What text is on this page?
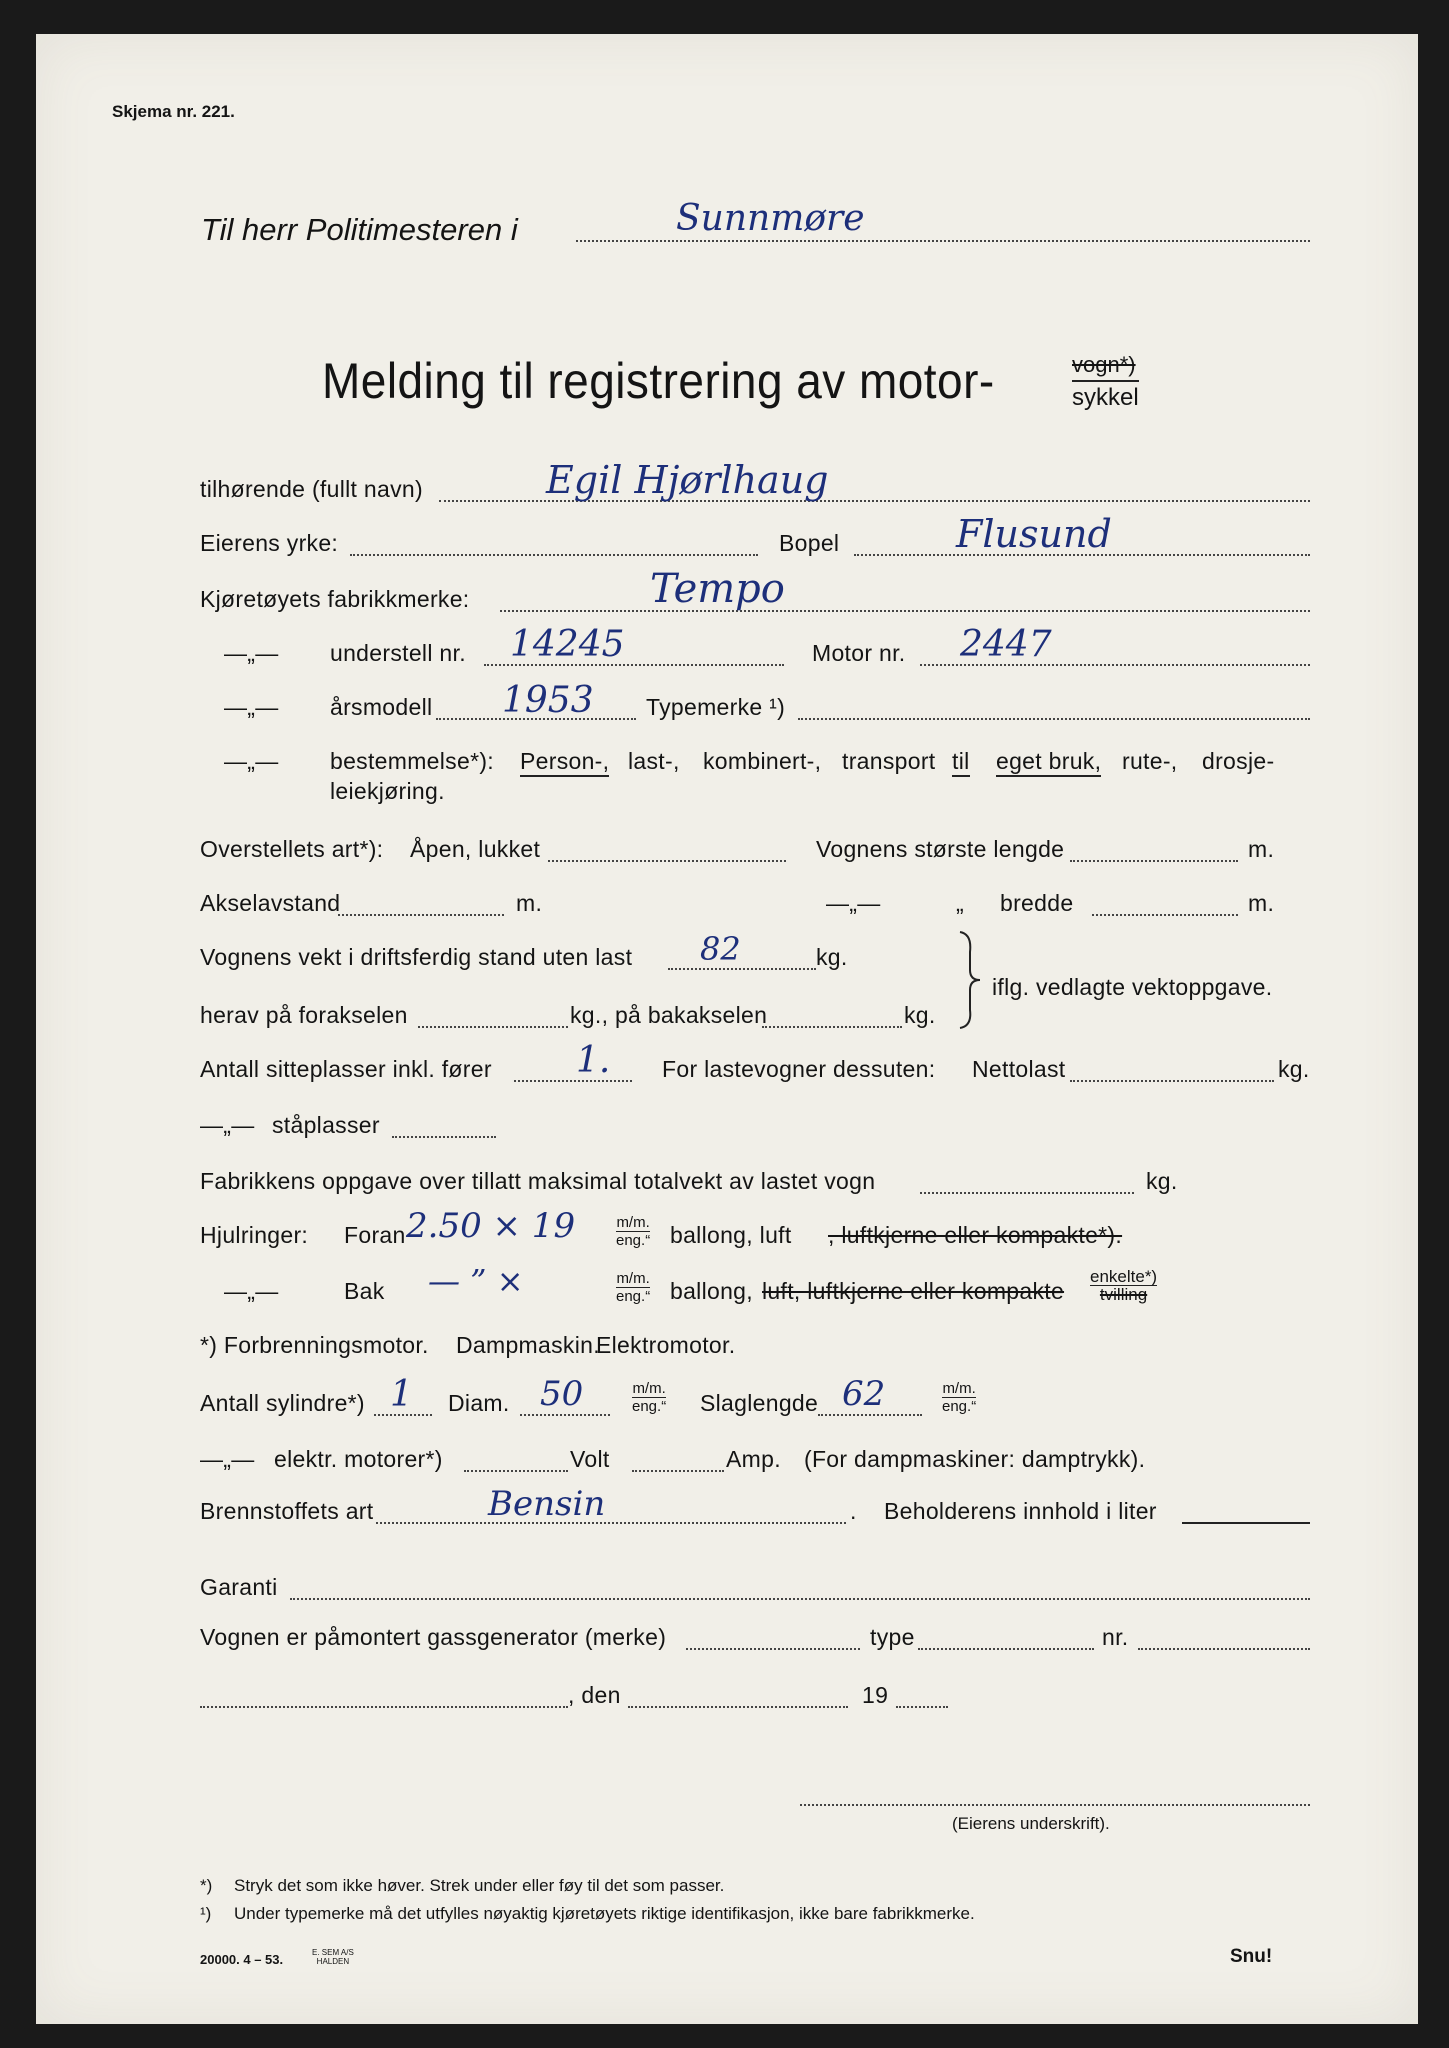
Skjema nr. 221.
Til herr Politimesteren i	Sunnmøre
Melding til registrering av motor-	vogn*)
sykkel
tilhørende (fullt navn)	Egil Hjørlhaug
Eierens yrke:	Bopel	Flusund
Kjøretøyets fabrikkmerke:	Tempo
—„— understell nr. 14245	Motor nr. 2447
—„— årsmodell 1953 Typemerke ¹)
—„— bestemmelse*): Person-, last-, kombinert-, transport til eget bruk, rute-, drosje-
leiekjøring.
Overstellets art*): Åpen, lukket	Vognens største lengde	m.
Akselavstand	m.	—„—	„ bredde	m.
Vognens vekt i driftsferdig stand uten last 82	kg.
herav på forakselen	kg., på bakakselen	kg.
iflg. vedlagte vektoppgave.
Antall sitteplasser inkl. fører 1. For lastevogner dessuten: Nettolast	kg.
—„— ståplasser
Fabrikkens oppgave over tillatt maksimal totalvekt av lastet vogn	kg.
Hjulringer: Foran 2.50 × 19	m/m.
eng.“ ballong, luft , luftkjerne eller kompakte*).
—„—	Bak — ” ×	m/m.
eng.“ ballong, luft, luftkjerne eller kompakte
enkelte*)
tvilling
*) Forbrenningsmotor. Dampmaskin.
Elektromotor.
Antall sylindre*) 1 Diam. 50	m/m.
eng.“ Slaglengde 62	m/m.
eng.“
—„— elektr. motorer*)	Volt	Amp. (For dampmaskiner: damptrykk).
Brennstoffets art	Bensin	. Beholderens innhold i liter
Garanti
Vognen er påmontert gassgenerator (merke)	type	nr.
, den	19
(Eierens underskrift).
*) Stryk det som ikke høver. Strek under eller føy til det som passer.
¹) Under typemerke må det utfylles nøyaktig kjøretøyets riktige identifikasjon, ikke bare fabrikkmerke.
20000. 4 – 53.	E. SEM A/S
HALDEN	Snu!
